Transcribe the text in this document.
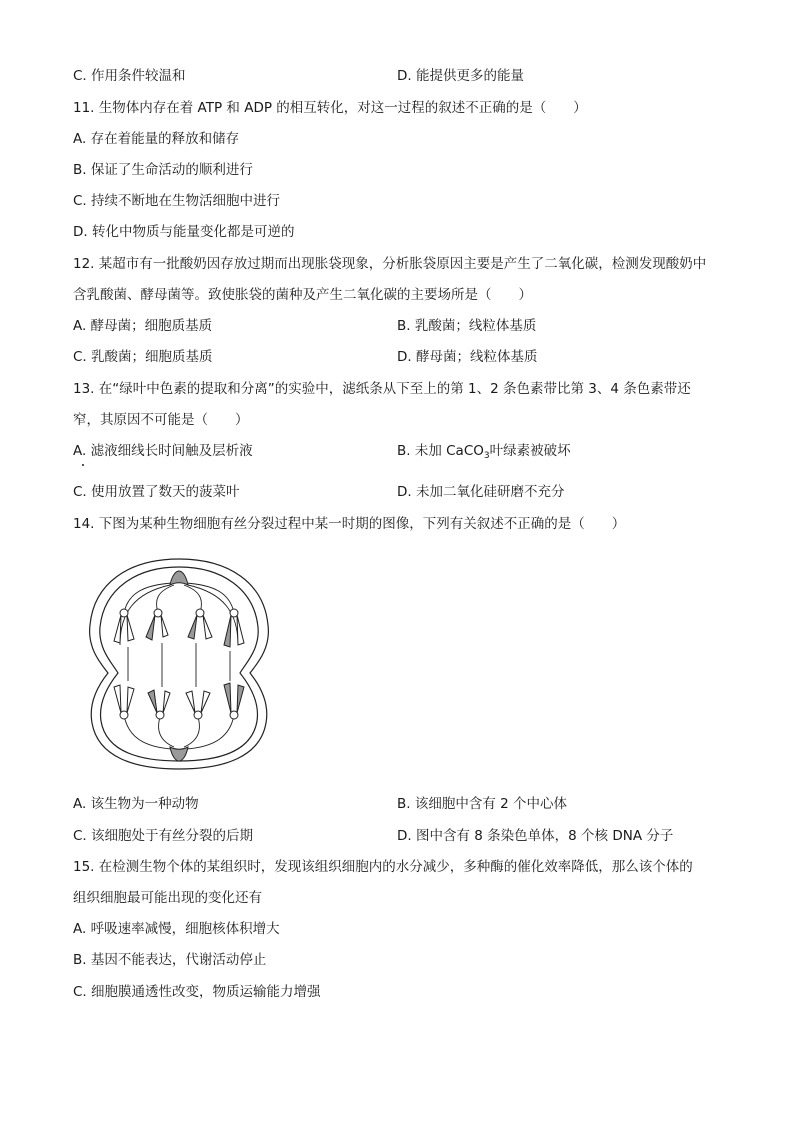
C. 作用条件较温和	D. 能提供更多的能量
11. 生物体内存在着 ATP 和 ADP 的相互转化，对这一过程的叙述不正确的是（　　）
A. 存在着能量的释放和储存
B. 保证了生命活动的顺利进行
C. 持续不断地在生物活细胞中进行
D. 转化中物质与能量变化都是可逆的
12. 某超市有一批酸奶因存放过期而出现胀袋现象，分析胀袋原因主要是产生了二氧化碳，检测发现酸奶中
含乳酸菌、酵母菌等。致使胀袋的菌种及产生二氧化碳的主要场所是（　　）
A. 酵母菌；细胞质基质	B. 乳酸菌；线粒体基质
C. 乳酸菌；细胞质基质	D. 酵母菌；线粒体基质
13. 在“绿叶中色素的提取和分离”的实验中，滤纸条从下至上的第 1、2 条色素带比第 3、4 条色素带还
窄，其原因不可能是（　　）
A. 滤液细线长时间触及层析液	B. 未加 CaCO$_3$叶绿素被破坏
C. 使用放置了数天的菠菜叶	D. 未加二氧化硅研磨不充分
14. 下图为某种生物细胞有丝分裂过程中某一时期的图像，下列有关叙述不正确的是（　　）
A. 该生物为一种动物	B. 该细胞中含有 2 个中心体
C. 该细胞处于有丝分裂的后期	D. 图中含有 8 条染色单体，8 个核 DNA 分子
15. 在检测生物个体的某组织时，发现该组织细胞内的水分减少，多种酶的催化效率降低，那么该个体的
组织细胞最可能出现的变化还有
A. 呼吸速率减慢，细胞核体积增大
B. 基因不能表达，代谢活动停止
C. 细胞膜通透性改变，物质运输能力增强
